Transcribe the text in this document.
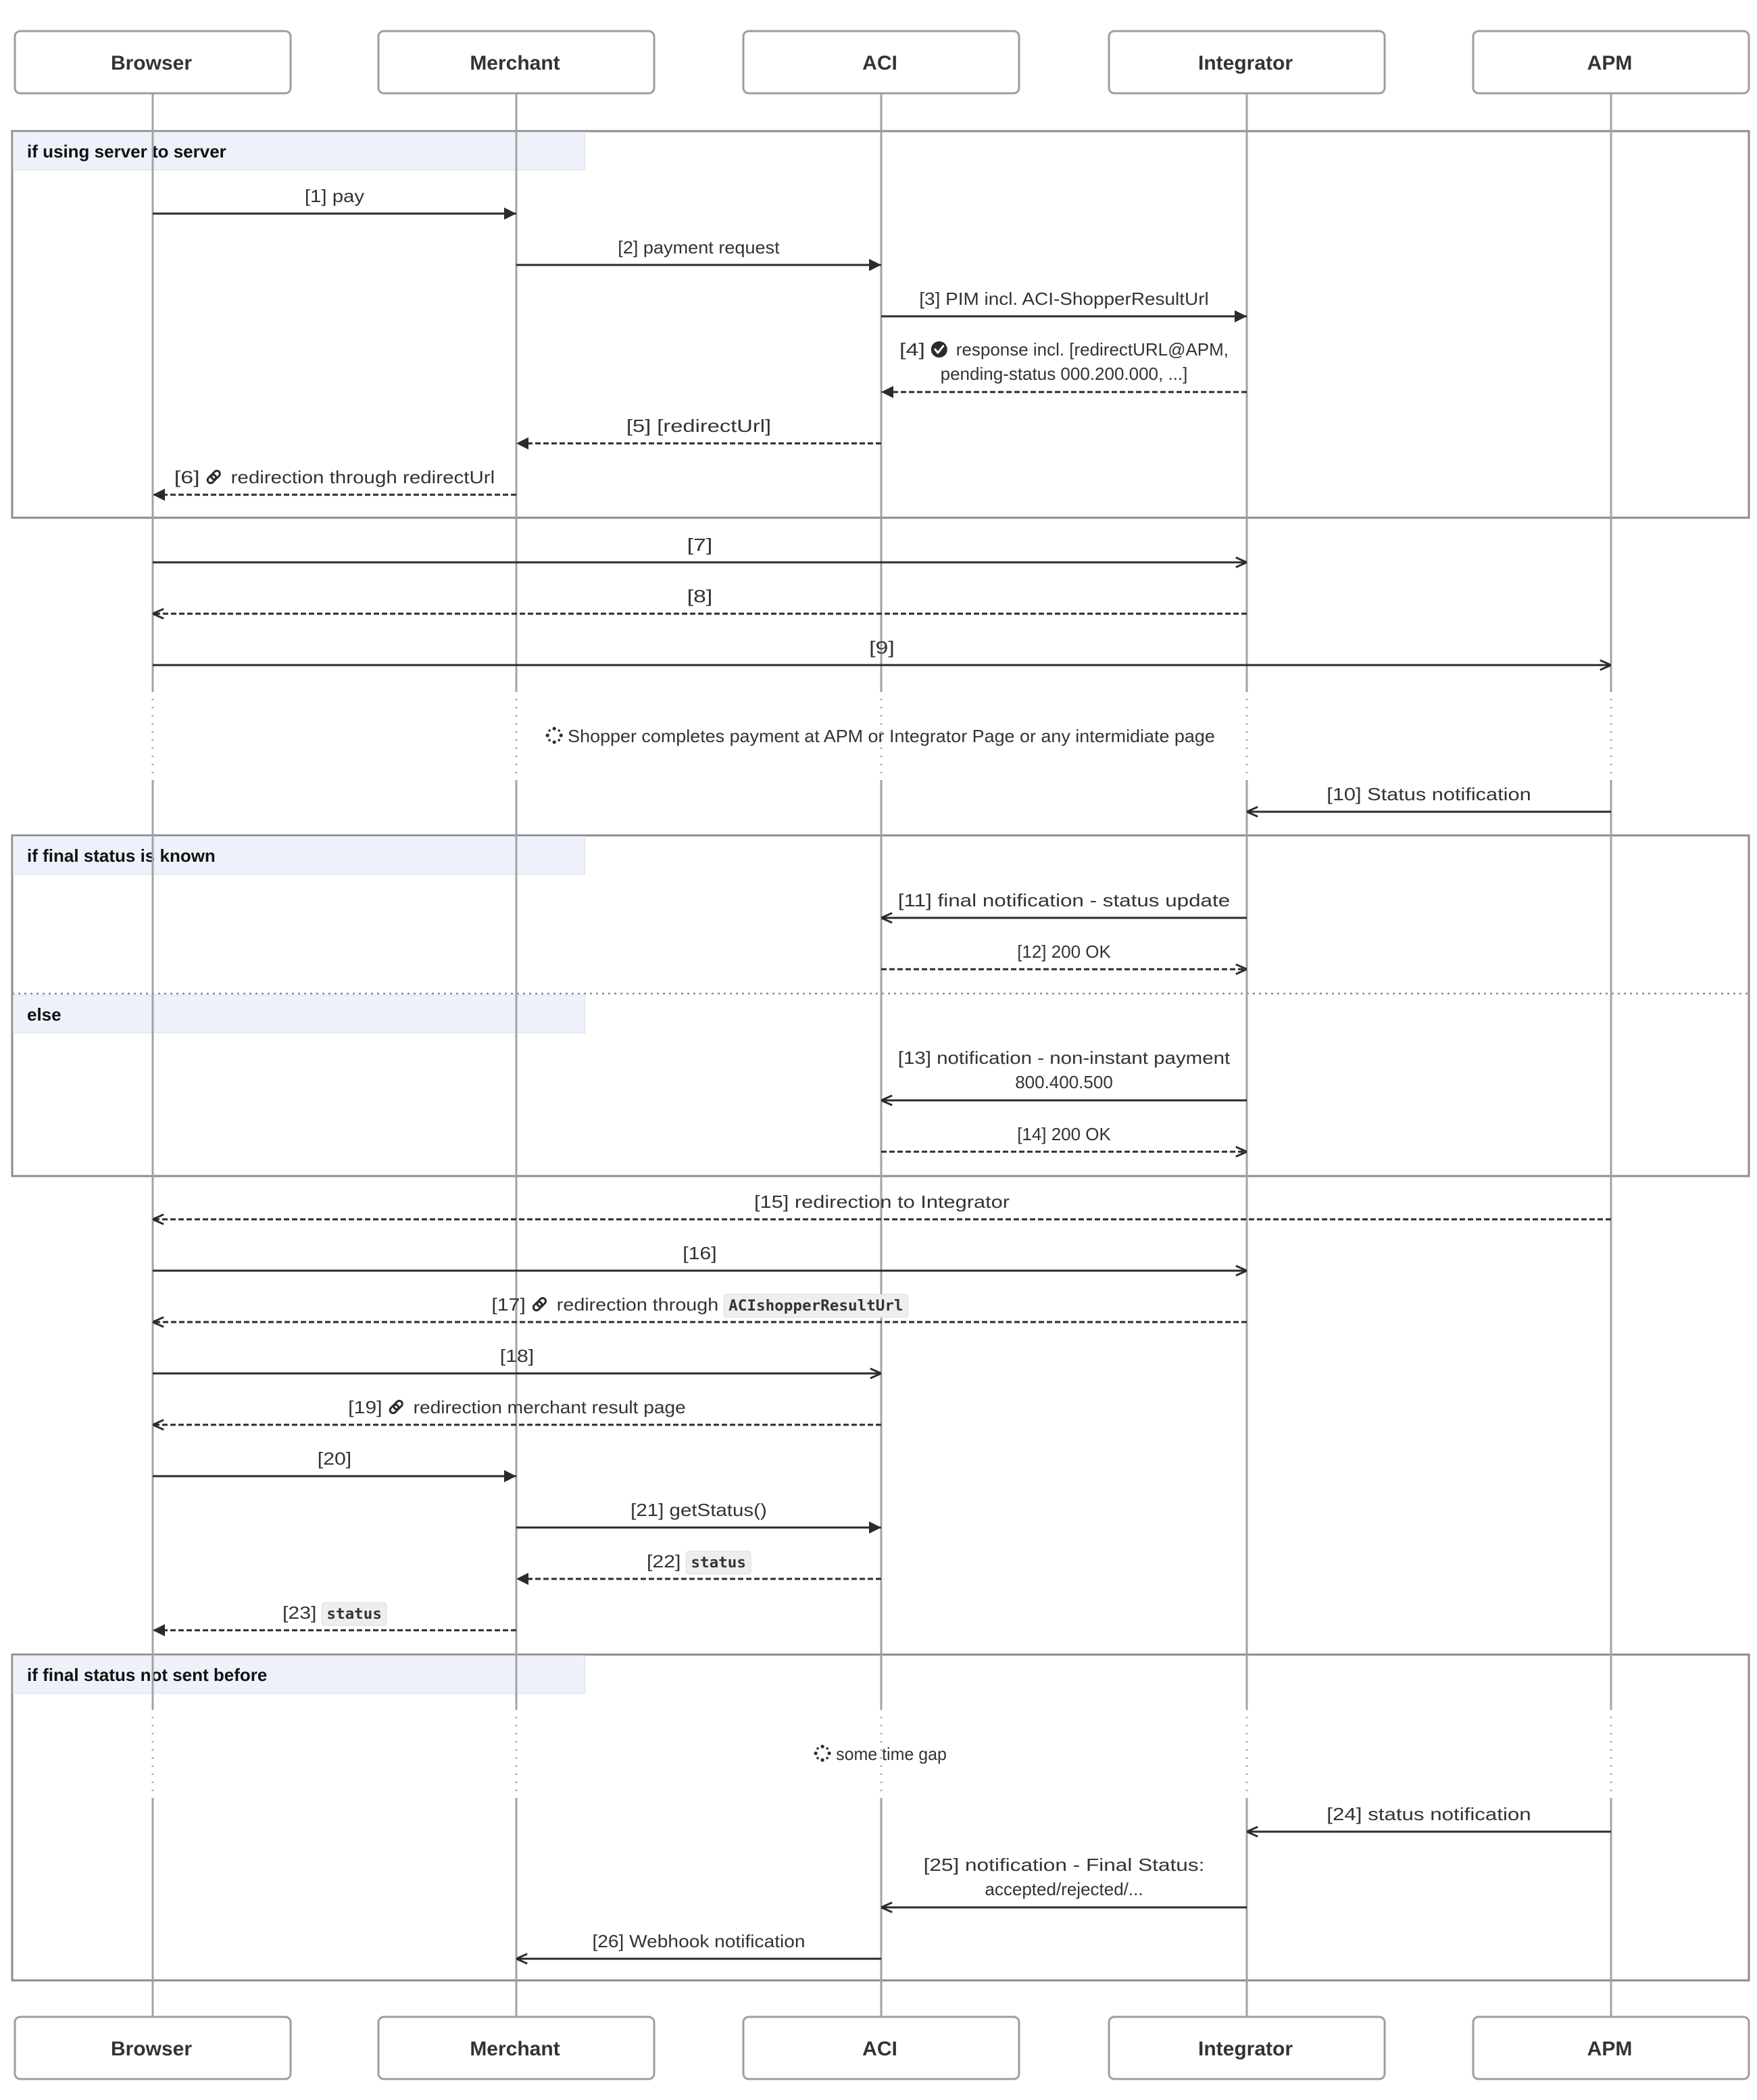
if using server to server
if final status is known
else
if final status not sent before
Browser
Browser
Merchant
Merchant
ACI
ACI
Integrator
Integrator
APM
APM
[1] pay
[2] payment request
[3] PIM incl. ACI-ShopperResultUrl
[4] response incl. [redirectURL@APM,
pending-status 000.200.000, ...]
[5] [redirectUrl]
[6] redirection through redirectUrl
[7]
[8]
[9]
[10] Status notification
[11] final notification - status update
[12] 200 OK
[13] notification - non-instant payment
800.400.500
[14] 200 OK
[15] redirection to Integrator
[16]
[17] redirection through ACIshopperResultUrl
[18]
[19] redirection merchant result page
[20]
[21] getStatus()
[22] status
[23] status
[24] status notification
[25] notification - Final Status:
accepted/rejected/...
[26] Webhook notification
Shopper completes payment at APM or Integrator Page or any intermidiate page
some time gap
